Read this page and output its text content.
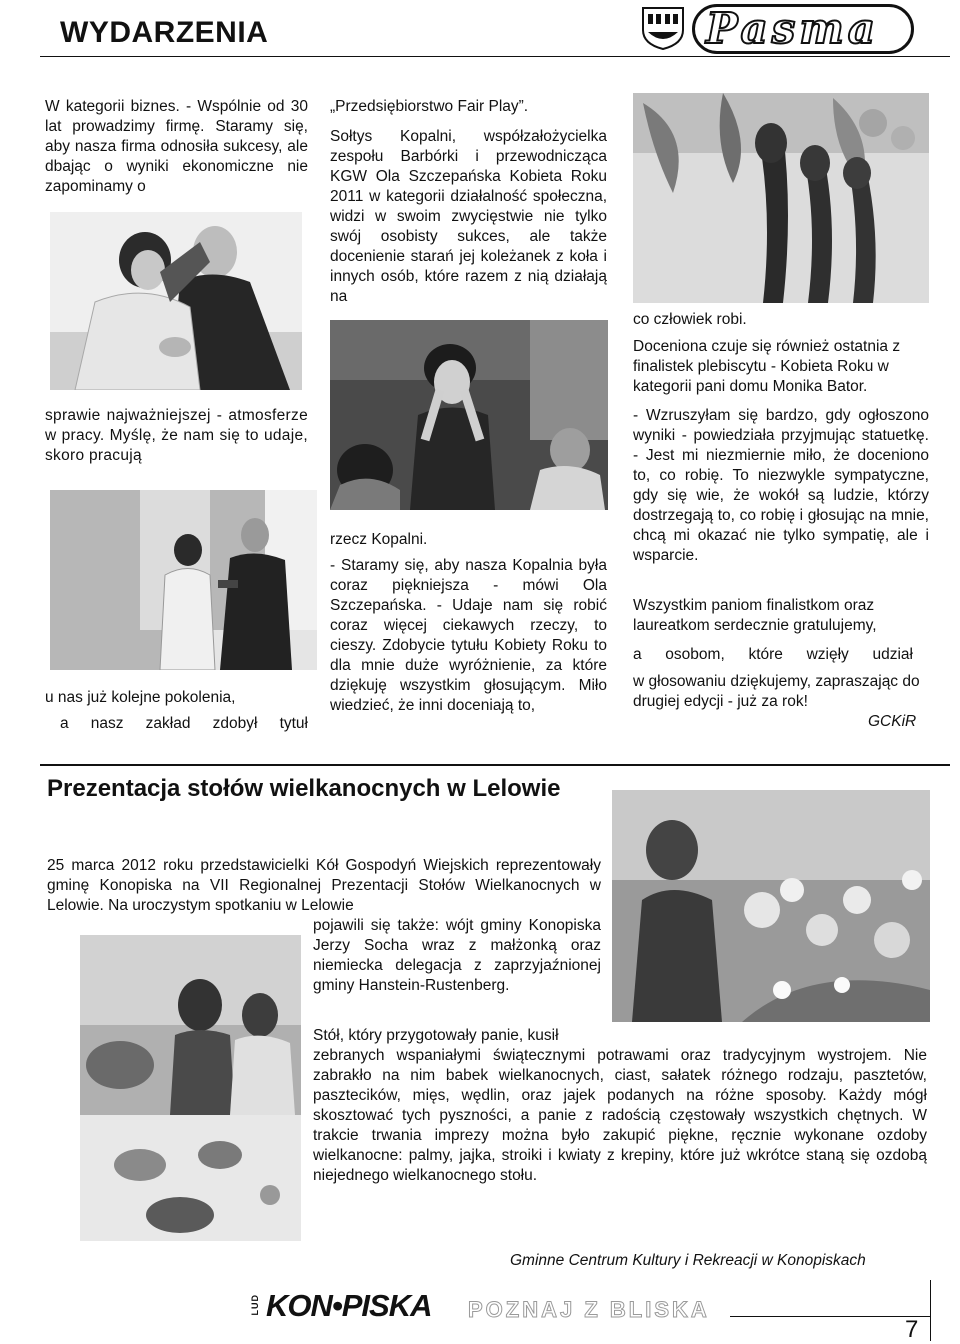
WYDARZENIA	Pasma

W kategorii biznes. - Wspólnie od 30 lat prowadzimy firmę. Staramy się, aby nasza firma odnosiła sukcesy, ale dbając o wyniki ekonomiczne nie zapominamy o

sprawie najważniejszej - atmosferze w pracy. Myślę, że nam się to udaje, skoro pracują

u nas już kolejne pokolenia,

a nasz zakład zdobył tytuł

„Przedsiębiorstwo Fair Play”.

Sołtys Kopalni, współzałożycielka zespołu Barbórki i przewodnicząca KGW Ola Szczepańska Kobieta Roku 2011 w kategorii działalność społeczna, widzi w swoim zwycięstwie nie tylko swój osobisty sukces, ale także docenienie starań jej koleżanek z koła i innych osób, które razem z nią działają na

rzecz Kopalni.

- Staramy się, aby nasza Kopalnia była coraz piękniejsza - mówi Ola Szczepańska. - Udaje nam się robić coraz więcej ciekawych rzeczy, to cieszy. Zdobycie tytułu Kobiety Roku to dla mnie duże wyróżnienie, za które dziękuję wszystkim głosującym. Miło wiedzieć, że inni doceniają to,

co człowiek robi.

Doceniona czuje się również ostatnia z finalistek plebiscytu - Kobieta Roku w kategorii pani domu Monika Bator.

- Wzruszyłam się bardzo, gdy ogłoszono wyniki - powiedziała przyjmując statuetkę. - Jest mi niezmiernie miło, że doceniono to, co robię. To niezwykle sympatyczne, gdy się wie, że wokół są ludzie, którzy dostrzegają to, co robię i głosując na mnie, chcą mi okazać nie tylko sympatię, ale i wsparcie.

Wszystkim paniom finalistkom oraz laureatkom serdecznie gratulujemy,

a osobom, które wzięły udział

w głosowaniu dziękujemy, zapraszając do drugiej edycji - już za rok!

GCKiR
Prezentacja stołów wielkanocnych w Lelowie

25 marca 2012 roku przedstawicielki Kół Gospodyń Wiejskich reprezentowały gminę Konopiska na VII Regionalnej Prezentacji Stołów Wielkanocnych w Lelowie. Na uroczystym spotkaniu w Lelowie

pojawili się także: wójt gminy Konopiska Jerzy Socha wraz z małżonką oraz niemiecka delegacja z zaprzyjaźnionej gminy Hanstein-Rustenberg.

Stół, który przygotowały panie, kusił

zebranych wspaniałymi świątecznymi potrawami oraz tradycyjnym wystrojem. Nie zabrakło na nim babek wielkanocnych, ciast, sałatek różnego rodzaju, pasztetów, pasztecików, mięs, wędlin, oraz jajek podanych na różne sposoby. Każdy mógł skosztować tych pyszności, a panie z radością częstowały wszystkich chętnych. W trakcie trwania imprezy można było zakupić piękne, ręcznie wykonane ozdoby wielkanocne: palmy, jajka, stroiki i kwiaty z krepiny, które już wkrótce staną się ozdobą niejednego wielkanocnego stołu.

Gminne Centrum Kultury i Rekreacji w Konopiskach
LUD KON•PISKA POZNAJ Z BLISKA
7
